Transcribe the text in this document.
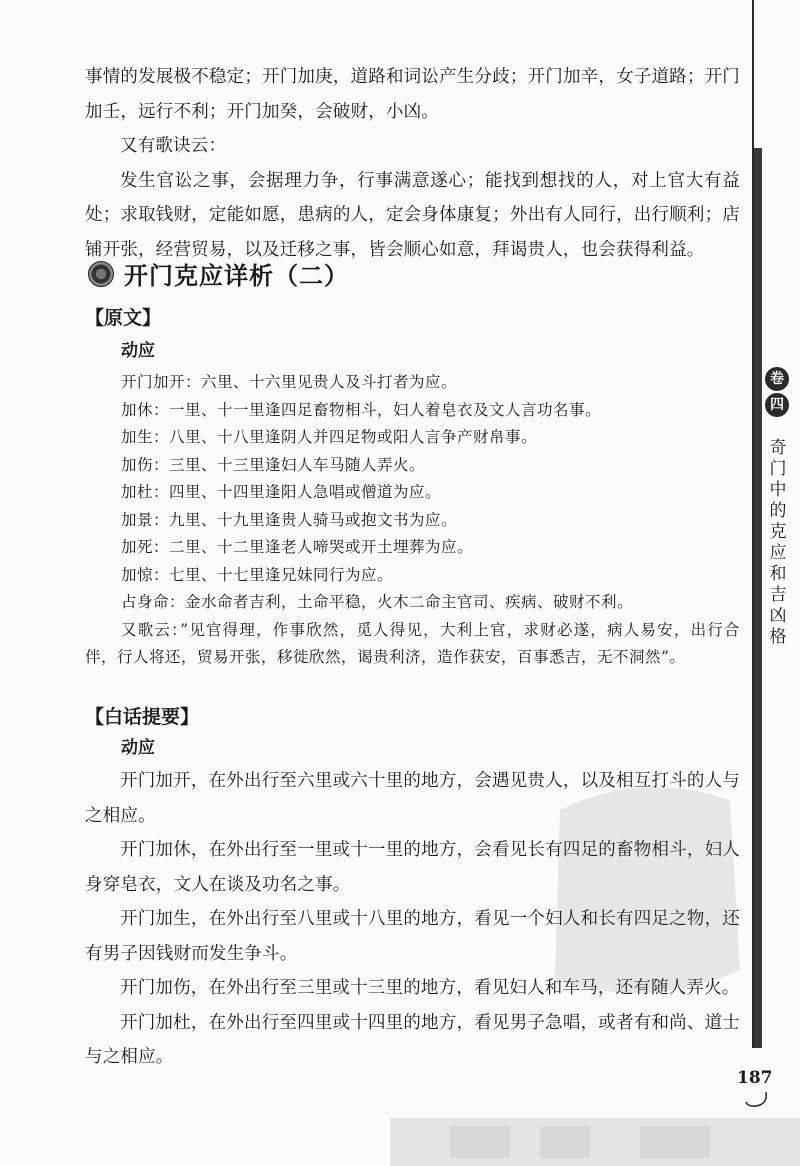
事情的发展极不稳定；开门加庚，道路和词讼产生分歧；开门加辛，女子道路；开门加壬，远行不利；开门加癸，会破财，小凶。

又有歌诀云：

发生官讼之事，会据理力争，行事满意遂心；能找到想找的人，对上官大有益处；求取钱财，定能如愿，患病的人，定会身体康复；外出有人同行，出行顺利；店铺开张，经营贸易，以及迁移之事，皆会顺心如意，拜谒贵人，也会获得利益。

开门克应详析（二）

【原文】

动应

开门加开：六里、十六里见贵人及斗打者为应。

加休：一里、十一里逢四足畜物相斗，妇人着皂衣及文人言功名事。

加生：八里、十八里逢阴人并四足物或阳人言争产财帛事。

加伤：三里、十三里逢妇人车马随人弄火。

加杜：四里、十四里逢阳人急唱或僧道为应。

加景：九里、十九里逢贵人骑马或抱文书为应。

加死：二里、十二里逢老人啼哭或开土埋葬为应。

加惊：七里、十七里逢兄妹同行为应。

占身命：金水命者吉利，土命平稳，火木二命主官司、疾病、破财不利。

又歌云：”见官得理，作事欣然，觅人得见，大利上官，求财必遂，病人易安，出行合伴，行人将还，贸易开张，移徙欣然，谒贵利济，造作获安，百事悉吉，无不洞然”。

【白话提要】

动应

开门加开，在外出行至六里或六十里的地方，会遇见贵人，以及相互打斗的人与之相应。

开门加休，在外出行至一里或十一里的地方，会看见长有四足的畜物相斗，妇人身穿皂衣，文人在谈及功名之事。

开门加生，在外出行至八里或十八里的地方，看见一个妇人和长有四足之物，还有男子因钱财而发生争斗。

开门加伤，在外出行至三里或十三里的地方，看见妇人和车马，还有随人弄火。

开门加杜，在外出行至四里或十四里的地方，看见男子急唱，或者有和尚、道士与之相应。

卷
四
奇门中的克应和吉凶格
187
